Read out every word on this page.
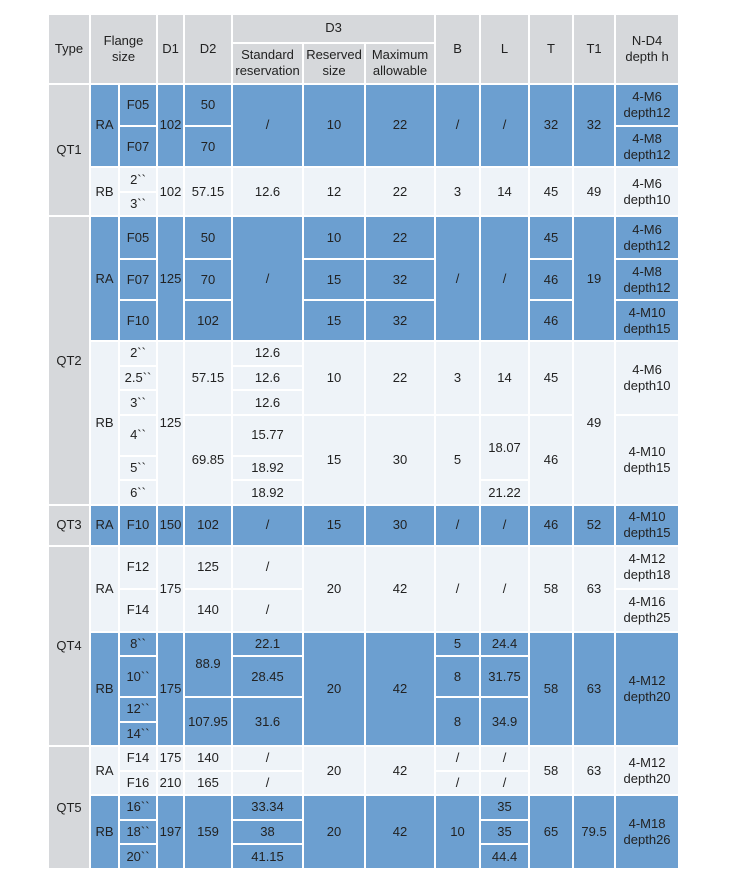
Type	Flange size		D1	D2	D3			B	L	T	T1	N-D4 depth h
					Standard reservation	Reserved size	Maximum allowable					
QT1	RA	F05	102	50	/	10	22	/	/	32	32	4-M6 depth12
		F07		70								4-M8 depth12
	RB	2``	102	57.15	12.6	12	22	3	14	45	49	4-M6 depth10
		3``										
QT2	RA	F05	125	50	/	10	22	/	/	45	19	4-M6 depth12
		F07		70		15	32			46		4-M8 depth12
		F10		102		15	32			46		4-M10 depth15
	RB	2``	125	57.15	12.6	10	22	3	14	45	49	4-M6 depth10
		2.5``			12.6							
		3``			12.6							
		4``		69.85	15.77	15	30	5	18.07	46		4-M10 depth15
		5``			18.92							
		6``			18.92				21.22			
QT3	RA	F10	150	102	/	15	30	/	/	46	52	4-M10 depth15
QT4	RA	F12	175	125	/	20	42	/	/	58	63	4-M12 depth18
		F14		140	/							4-M16 depth25
	RB	8``	175	88.9	22.1	20	42	5	24.4	58	63	4-M12 depth20
		10``			28.45			8	31.75			
		12``		107.95	31.6			8	34.9			
		14``										
QT5	RA	F14	175	140	/	20	42	/	/	58	63	4-M12 depth20
		F16	210	165	/			/	/			
	RB	16``	197	159	33.34	20	42	10	35	65	79.5	4-M18 depth26
		18``			38				35			
		20``			41.15				44.4			
